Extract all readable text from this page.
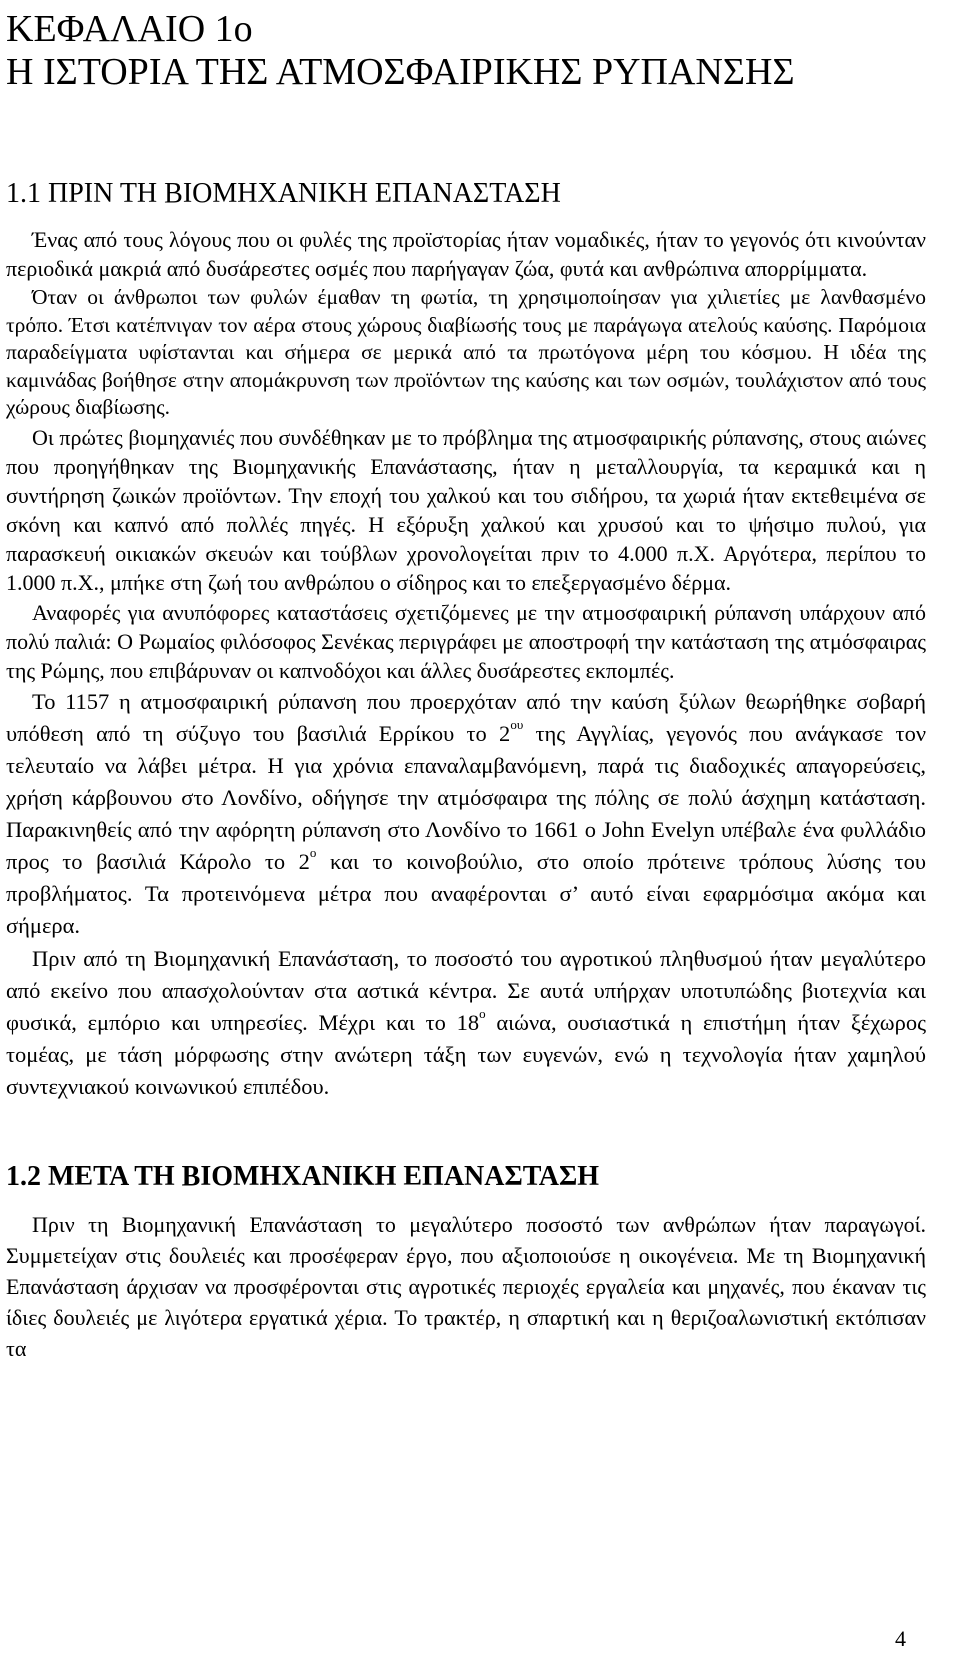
ΚΕΦΑΛΑΙΟ 1ο
Η ΙΣΤΟΡΙΑ ΤΗΣ ΑΤΜΟΣΦΑΙΡΙΚΗΣ ΡΥΠΑΝΣΗΣ
1.1 ΠΡΙΝ ΤΗ ΒΙΟΜΗΧΑΝΙΚΗ ΕΠΑΝΑΣΤΑΣΗ

Ένας από τους λόγους που οι φυλές της προϊστορίας ήταν νομαδικές, ήταν το γεγονός ότι κινούνταν περιοδικά μακριά από δυσάρεστες οσμές που παρήγαγαν ζώα, φυτά και ανθρώπινα απορρίμματα.

Όταν οι άνθρωποι των φυλών έμαθαν τη φωτία, τη χρησιμοποίησαν για χιλιετίες με λανθασμένο τρόπο. Έτσι κατέπνιγαν τον αέρα στους χώρους διαβίωσής τους με παράγωγα ατελούς καύσης. Παρόμοια παραδείγματα υφίστανται και σήμερα σε μερικά από τα πρωτόγονα μέρη του κόσμου. Η ιδέα της καμινάδας βοήθησε στην απομάκρυνση των προϊόντων της καύσης και των οσμών, τουλάχιστον από τους χώρους διαβίωσης.

Οι πρώτες βιομηχανιές που συνδέθηκαν με το πρόβλημα της ατμοσφαιρικής ρύπανσης, στους αιώνες που προηγήθηκαν της Βιομηχανικής Επανάστασης, ήταν η μεταλλουργία, τα κεραμικά και η συντήρηση ζωικών προϊόντων. Την εποχή του χαλκού και του σιδήρου, τα χωριά ήταν εκτεθειμένα σε σκόνη και καπνό από πολλές πηγές. Η εξόρυξη χαλκού και χρυσού και το ψήσιμο πυλού, για παρασκευή οικιακών σκευών και τούβλων χρονολογείται πριν το 4.000 π.Χ. Αργότερα, περίπου το 1.000 π.Χ., μπήκε στη ζωή του ανθρώπου ο σίδηρος και το επεξεργασμένο δέρμα.

Αναφορές για ανυπόφορες καταστάσεις σχετιζόμενες με την ατμοσφαιρική ρύπανση υπάρχουν από πολύ παλιά: Ο Ρωμαίος φιλόσοφος Σενέκας περιγράφει με αποστροφή την κατάσταση της ατμόσφαιρας της Ρώμης, που επιβάρυναν οι καπνοδόχοι και άλλες δυσάρεστες εκπομπές.

Το 1157 η ατμοσφαιρική ρύπανση που προερχόταν από την καύση ξύλων θεωρήθηκε σοβαρή υπόθεση από τη σύζυγο του βασιλιά Ερρίκου το $2^{o\upsilon}$ της Αγγλίας, γεγονός που ανάγκασε τον τελευταίο να λάβει μέτρα. Η για χρόνια επαναλαμβανόμενη, παρά τις διαδοχικές απαγορεύσεις, χρήση κάρβουνου στο Λονδίνο, οδήγησε την ατμόσφαιρα της πόλης σε πολύ άσχημη κατάσταση. Παρακινηθείς από την αφόρητη ρύπανση στο Λονδίνο το 1661 ο John Evelyn υπέβαλε ένα φυλλάδιο προς το βασιλιά Κάρολο το $2^o$ και το κοινοβούλιο, στο οποίο πρότεινε τρόπους λύσης του προβλήματος. Τα προτεινόμενα μέτρα που αναφέρονται σ’ αυτό είναι εφαρμόσιμα ακόμα και σήμερα.

Πριν από τη Βιομηχανική Επανάσταση, το ποσοστό του αγροτικού πληθυσμού ήταν μεγαλύτερο από εκείνο που απασχολούνταν στα αστικά κέντρα. Σε αυτά υπήρχαν υποτυπώδης βιοτεχνία και φυσικά, εμπόριο και υπηρεσίες. Μέχρι και το $18^o$ αιώνα, ουσιαστικά η επιστήμη ήταν ξέχωρος τομέας, με τάση μόρφωσης στην ανώτερη τάξη των ευγενών, ενώ η τεχνολογία ήταν χαμηλού συντεχνιακού κοινωνικού επιπέδου.

1.2 ΜΕΤΑ ΤΗ ΒΙΟΜΗΧΑΝΙΚΗ ΕΠΑΝΑΣΤΑΣΗ

Πριν τη Βιομηχανική Επανάσταση το μεγαλύτερο ποσοστό των ανθρώπων ήταν παραγωγοί. Συμμετείχαν στις δουλειές και προσέφεραν έργο, που αξιοποιούσε η οικογένεια. Με τη Βιομηχανική Επανάσταση άρχισαν να προσφέρονται στις αγροτικές περιοχές εργαλεία και μηχανές, που έκαναν τις ίδιες δουλειές με λιγότερα εργατικά χέρια. Το τρακτέρ, η σπαρτική και η θεριζοαλωνιστική εκτόπισαν τα

4
